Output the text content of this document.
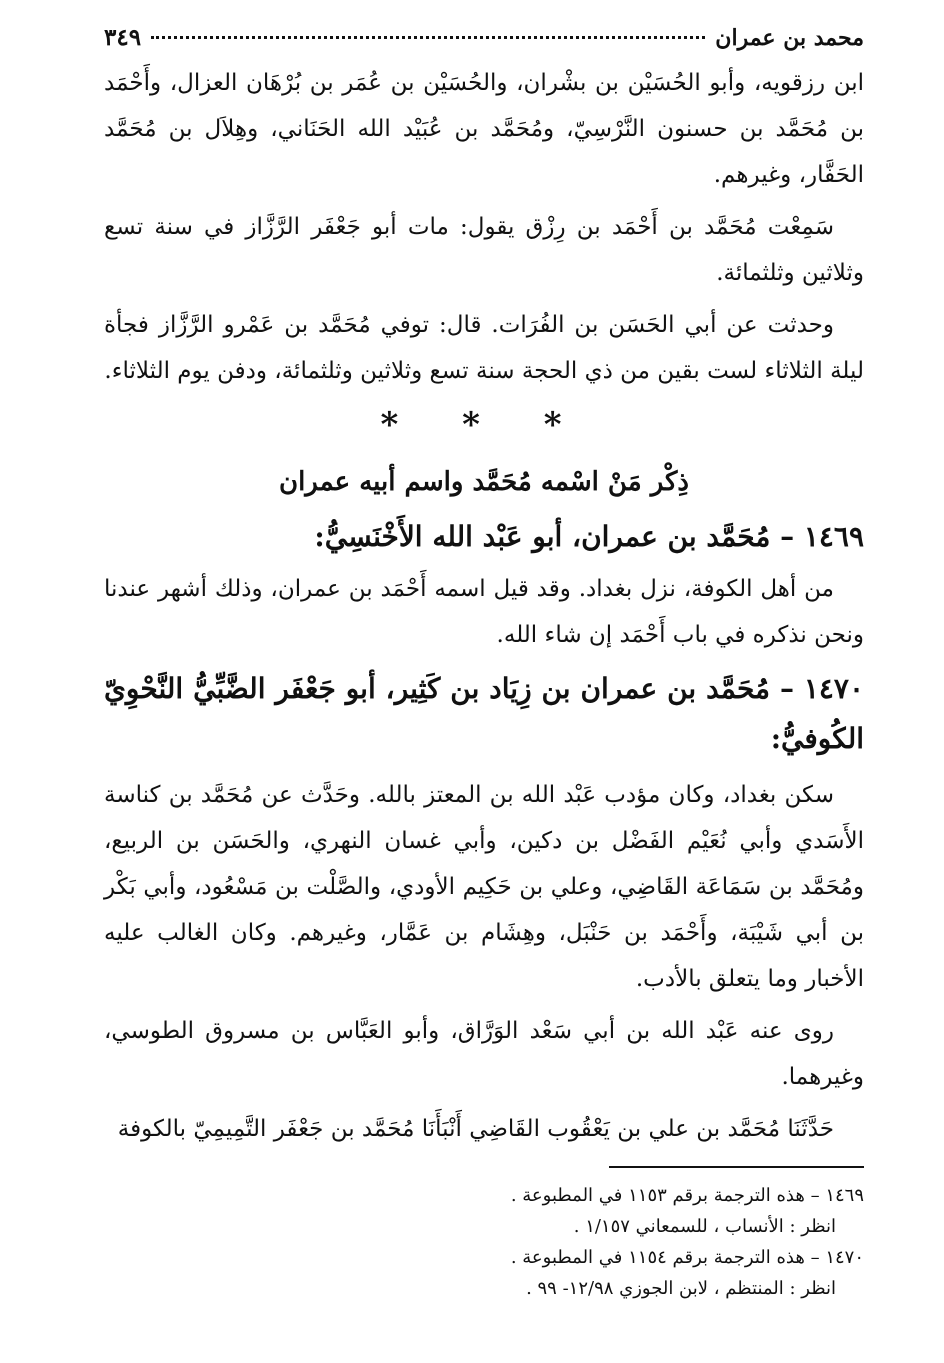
محمد بن عمران
٣٤٩

ابن رزقويه، وأبو الحُسَيْن بن بشْران، والحُسَيْن بن عُمَر بن بُرْهَان العزال، وأَحْمَد بن مُحَمَّد بن حسنون النَّرْسِيّ، ومُحَمَّد بن عُبَيْد الله الحَنَاني، وهِلاَل بن مُحَمَّد الحَفَّار، وغيرهم.

سَمِعْت مُحَمَّد بن أَحْمَد بن رِزْق يقول: مات أبو جَعْفَر الرَّزَّاز في سنة تسع وثلاثين وثلثمائة.

وحدثت عن أبي الحَسَن بن الفُرَات. قال: توفي مُحَمَّد بن عَمْرو الرَّزَّاز فجأة ليلة الثلاثاء لست بقين من ذي الحجة سنة تسع وثلاثين وثلثمائة، ودفن يوم الثلاثاء.

* * *
ذِكْر مَنْ اسْمه مُحَمَّد واسم أبيه عمران

١٤٦٩ – مُحَمَّد بن عمران، أبو عَبْد الله الأَخْنَسِيُّ:

من أهل الكوفة، نزل بغداد. وقد قيل اسمه أَحْمَد بن عمران، وذلك أشهر عندنا ونحن نذكره في باب أَحْمَد إن شاء الله.

١٤٧٠ – مُحَمَّد بن عمران بن زِيَاد بن كَثِير، أبو جَعْفَر الضَّبِّيُّ النَّحْوِيّ الكُوفيُّ:

سكن بغداد، وكان مؤدب عَبْد الله بن المعتز بالله. وحَدَّث عن مُحَمَّد بن كناسة الأَسَدي وأبي نُعَيْم الفَضْل بن دكين، وأبي غسان النهري، والحَسَن بن الربيع، ومُحَمَّد بن سَمَاعَة القَاضِي، وعلي بن حَكِيم الأودي، والصَّلْت بن مَسْعُود، وأبي بَكْر بن أبي شَيْبَة، وأَحْمَد بن حَنْبَل، وهِشَام بن عَمَّار، وغيرهم. وكان الغالب عليه الأخبار وما يتعلق بالأدب.

روى عنه عَبْد الله بن أبي سَعْد الوَرَّاق، وأبو العَبَّاس بن مسروق الطوسي، وغيرهما.

حَدَّثَنَا مُحَمَّد بن علي بن يَعْقُوب القَاضِي أَنْبَأَنَا مُحَمَّد بن جَعْفَر التَّمِيمِيّ بالكوفة

١٤٦٩ – هذه الترجمة برقم ١١٥٣ في المطبوعة .
انظر : الأنساب ، للسمعاني ١/١٥٧ .
١٤٧٠ – هذه الترجمة برقم ١١٥٤ في المطبوعة .
انظر : المنتظم ، لابن الجوزي ١٢/٩٨- ٩٩ .
